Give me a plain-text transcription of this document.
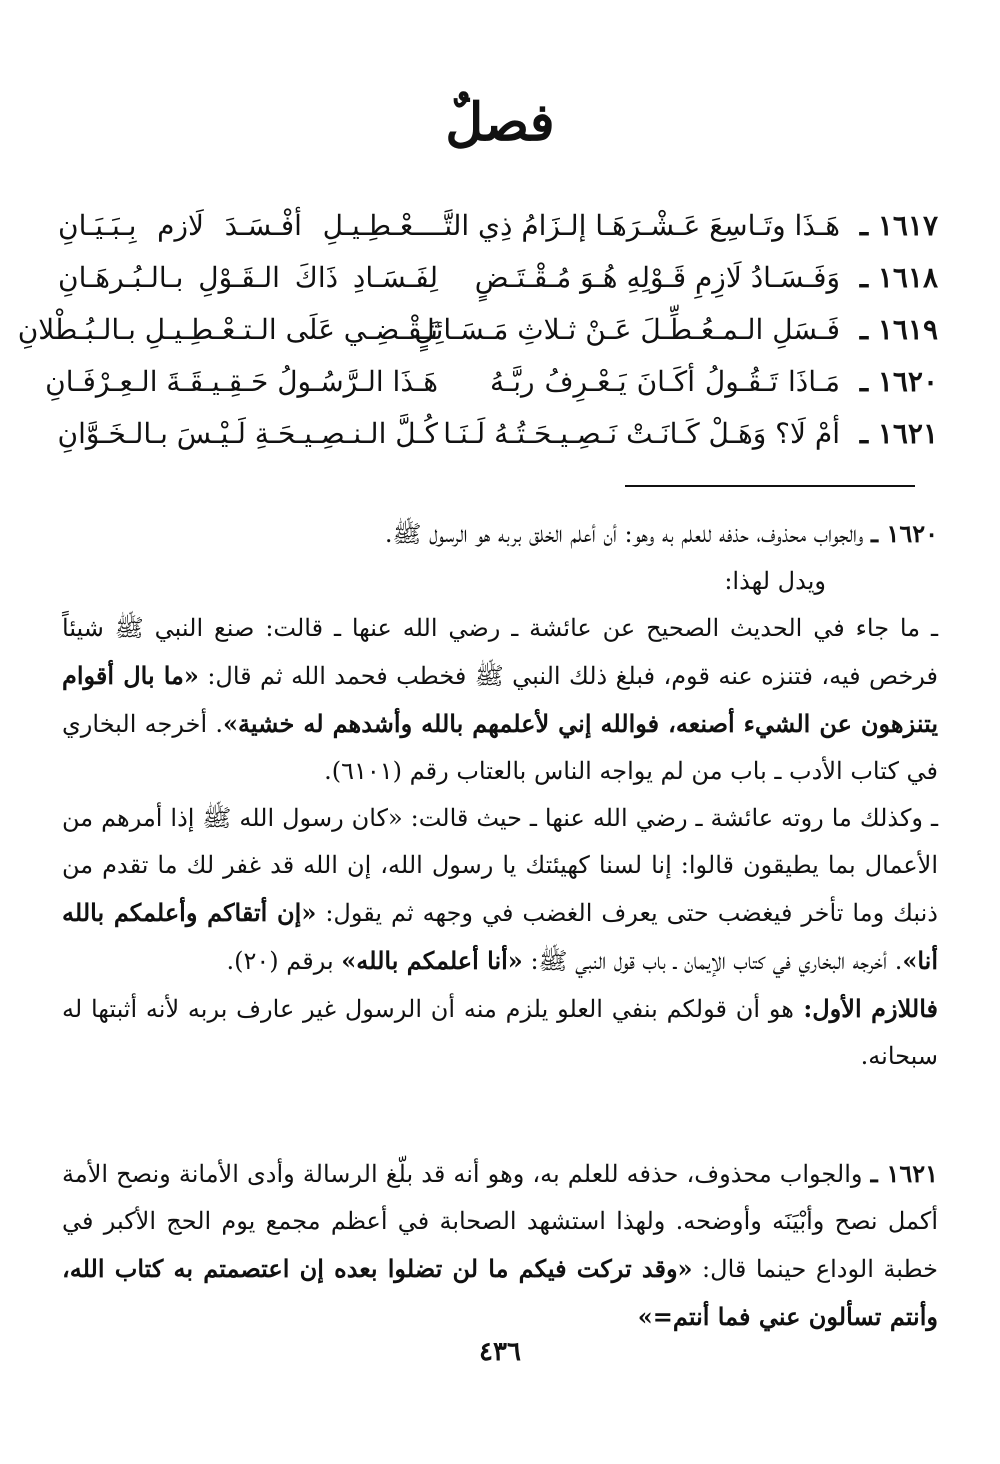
فصلٌ
١٦١٧ ـ
هَـذَا وتَـاسِعَ عَـشْـرَهَـا إلـزَامُ ذِي التَّـ
ـــعْـطِـيـلِ أفْـسَـدَ لَازم بِـبَـيَـانِ
١٦١٨ ـ
وَفَـسَـادُ لَازِمِ قَـوْلِهِ هُـوَ مُـقْـتَـضٍ
لِفَـسَـادِ ذَاكَ الـقَـوْلِ بـالـبُـرهَـانِ
١٦١٩ ـ
فَـسَلِ الـمـعُـطِّـلَ عَـنْ ثـلاثِ مَـسَـائِلٍ
تَـقْـضِـي عَلَى الـتـعْـطِـيـلِ بـالـبُـطْلانِ
١٦٢٠ ـ
مَـاذَا تَـقُـولُ أكَـانَ يَـعْـرِفُ ربَّـهُ
هَـذَا الـرَّسُـولُ حَـقِـيـقَـةَ الـعِـرْفَـانِ
١٦٢١ ـ
أمْ لَا؟ وَهَـلْ كَـانَـتْ نَـصِـيـحَـتُـهُ لَـنَـا
كُـلَّ الـنـصِـيـحَـةِ لَـيْـسَ بـالـخَـوَّانِ

١٦٢٠ ـ والجواب محذوف، حذفه للعلم به وهو: أن أعلم الخلق بربه هو الرسول ﷺ.

ويدل لهذا:

ـ ما جاء في الحديث الصحيح عن عائشة ـ رضي الله عنها ـ قالت: صنع النبي ﷺ شيئاً فرخص فيه، فتنزه عنه قوم، فبلغ ذلك النبي ﷺ فخطب فحمد الله ثم قال: «ما بال أقوام يتنزهون عن الشيء أصنعه، فوالله إني لأعلمهم بالله وأشدهم له خشية». أخرجه البخاري في كتاب الأدب ـ باب من لم يواجه الناس بالعتاب رقم (٦١٠١).

ـ وكذلك ما روته عائشة ـ رضي الله عنها ـ حيث قالت: «كان رسول الله ﷺ إذا أمرهم من الأعمال بما يطيقون قالوا: إنا لسنا كهيئتك يا رسول الله، إن الله قد غفر لك ما تقدم من ذنبك وما تأخر فيغضب حتى يعرف الغضب في وجهه ثم يقول: «إن أتقاكم وأعلمكم بالله أنا». أخرجه البخاري في كتاب الإيمان ـ باب قول النبي ﷺ: «أنا أعلمكم بالله» برقم (٢٠).

فاللازم الأول: هو أن قولكم بنفي العلو يلزم منه أن الرسول غير عارف بربه لأنه أثبتها له سبحانه.

١٦٢١ ـ والجواب محذوف، حذفه للعلم به، وهو أنه قد بلّغ الرسالة وأدى الأمانة ونصح الأمة أكمل نصح وأبْيَنَه وأوضحه. ولهذا استشهد الصحابة في أعظم مجمع يوم الحج الأكبر في خطبة الوداع حينما قال: «وقد تركت فيكم ما لن تضلوا بعده إن اعتصمتم به كتاب الله، وأنتم تسألون عني فما أنتم=»

٤٣٦
